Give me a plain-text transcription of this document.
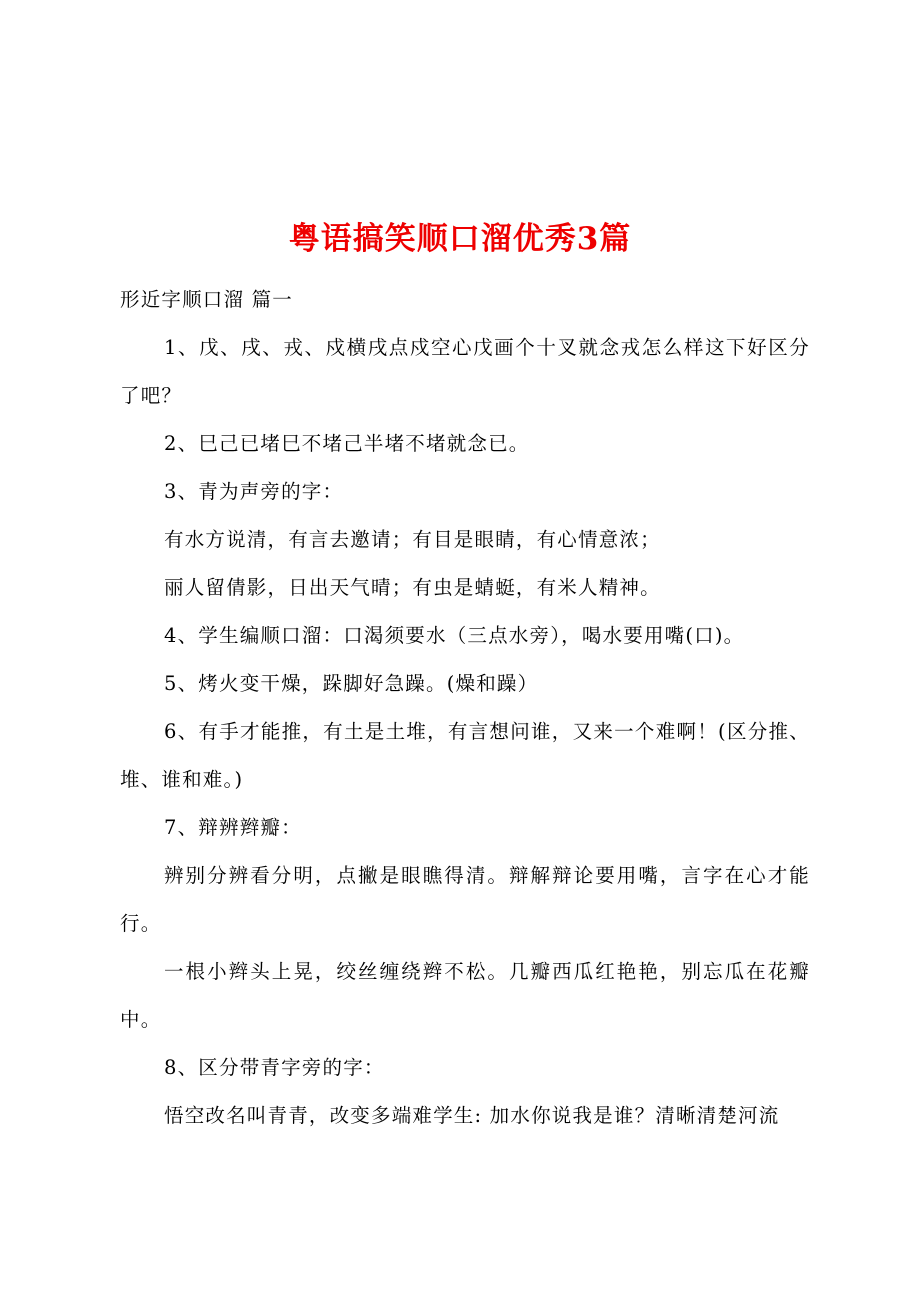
粤语搞笑顺口溜优秀3篇

形近字顺口溜 篇一

1、戊、戌、戎、戍横戌点戍空心戊画个十叉就念戎怎么样这下好区分了吧？

2、巳己已堵巳不堵己半堵不堵就念已。

3、青为声旁的字：

有水方说清，有言去邀请；有目是眼睛，有心情意浓；

丽人留倩影，日出天气晴；有虫是蜻蜓，有米人精神。

4、学生编顺口溜：口渴须要水（三点水旁），喝水要用嘴(口)。

5、烤火变干燥，跺脚好急躁。(燥和躁）

6、有手才能推，有土是土堆，有言想问谁，又来一个难啊！(区分推、堆、谁和难。)

7、辩辨辫瓣：

辨别分辨看分明，点撇是眼瞧得清。辩解辩论要用嘴，言字在心才能行。

一根小辫头上晃，绞丝缠绕辫不松。几瓣西瓜红艳艳，别忘瓜在花瓣中。

8、区分带青字旁的字：

悟空改名叫青青，改变多端难学生: 加水你说我是谁？清晰清楚河流
